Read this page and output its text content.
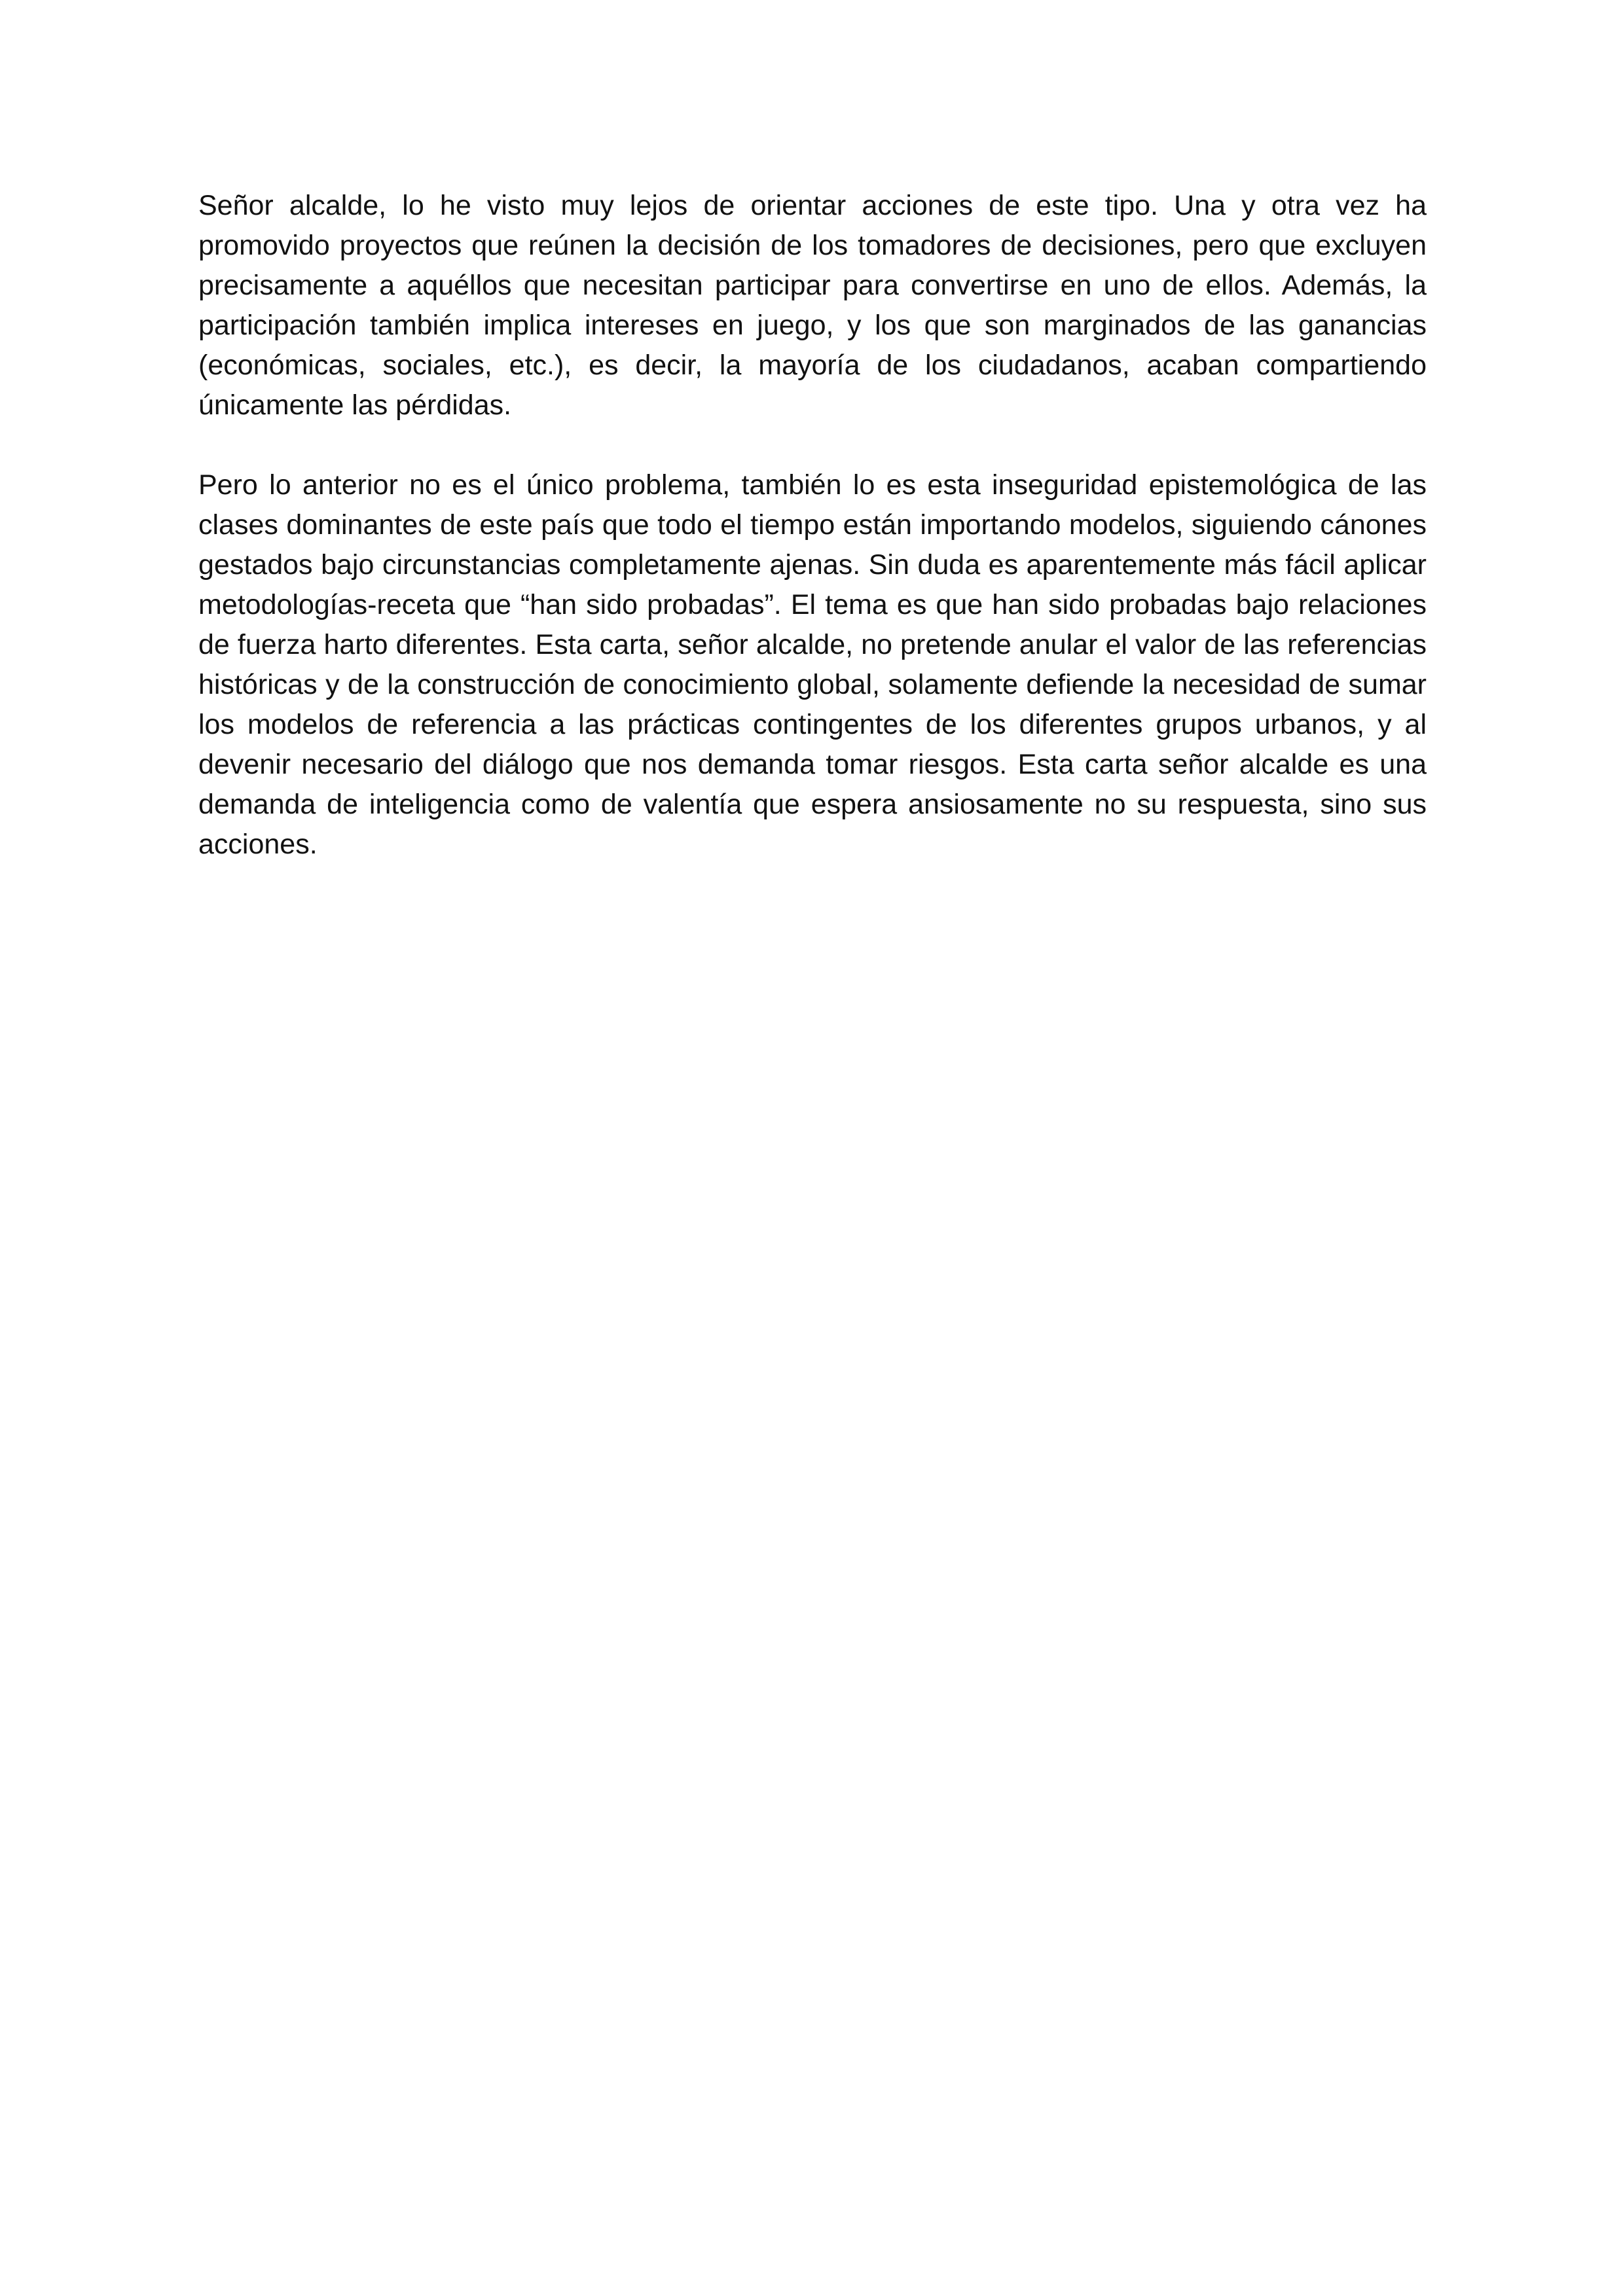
Señor alcalde, lo he visto muy lejos de orientar acciones de este tipo. Una y otra vez ha promovido proyectos que reúnen la decisión de los tomadores de decisiones, pero que excluyen precisamente a aquéllos que necesitan participar para convertirse en uno de ellos. Además, la participación también implica intereses en juego, y los que son marginados de las ganancias (económicas, sociales, etc.), es decir, la mayoría de los ciudadanos, acaban compartiendo únicamente las pérdidas.

Pero lo anterior no es el único problema, también lo es esta inseguridad epistemológica de las clases dominantes de este país que todo el tiempo están importando modelos, siguiendo cánones gestados bajo circunstancias completamente ajenas. Sin duda es aparentemente más fácil aplicar metodologías-receta que “han sido probadas”. El tema es que han sido probadas bajo relaciones de fuerza harto diferentes. Esta carta, señor alcalde, no pretende anular el valor de las referencias históricas y de la construcción de conocimiento global, solamente defiende la necesidad de sumar los modelos de referencia a las prácticas contingentes de los diferentes grupos urbanos, y al devenir necesario del diálogo que nos demanda tomar riesgos. Esta carta señor alcalde es una demanda de inteligencia como de valentía que espera ansiosamente no su respuesta, sino sus acciones.
